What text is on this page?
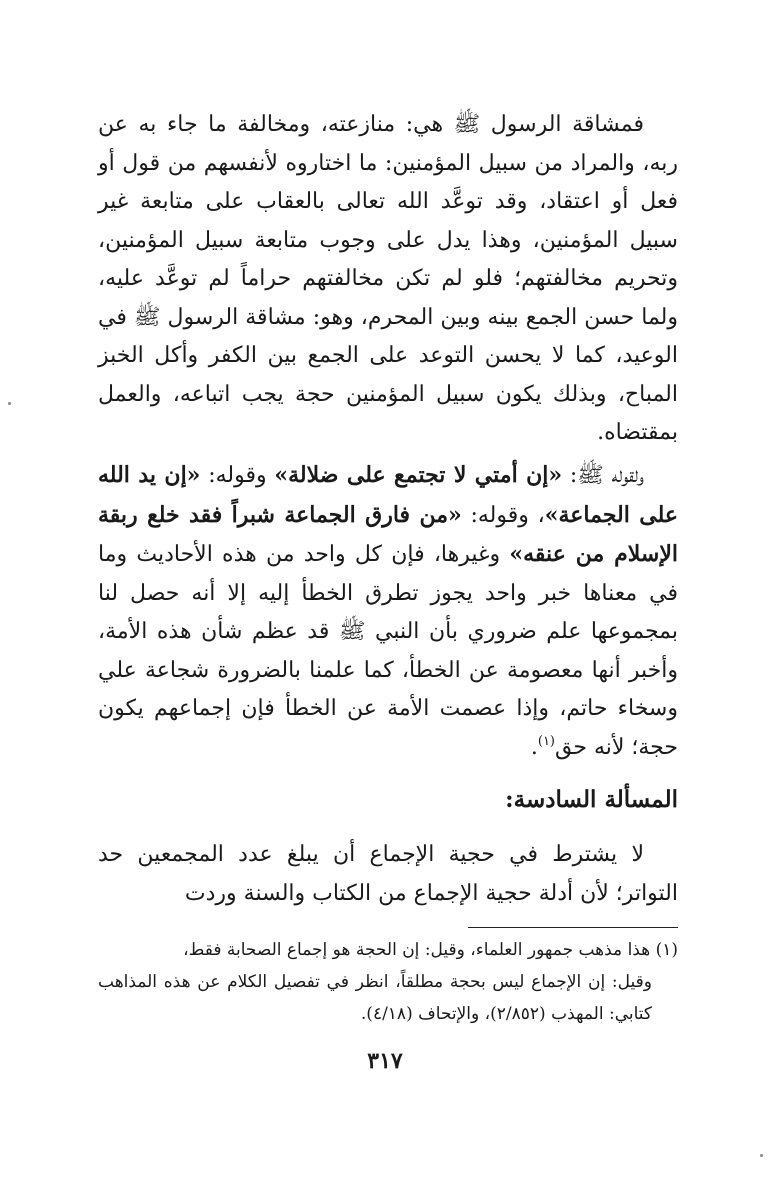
فمشاقة الرسول ﷺ هي: منازعته، ومخالفة ما جاء به عن ربه، والمراد من سبيل المؤمنين: ما اختاروه لأنفسهم من قول أو فعل أو اعتقاد، وقد توعَّد الله تعالى بالعقاب على متابعة غير سبيل المؤمنين، وهذا يدل على وجوب متابعة سبيل المؤمنين، وتحريم مخالفتهم؛ فلو لم تكن مخالفتهم حراماً لم توعَّد عليه، ولما حسن الجمع بينه وبين المحرم، وهو: مشاقة الرسول ﷺ في الوعيد، كما لا يحسن التوعد على الجمع بين الكفر وأكل الخبز المباح، وبذلك يكون سبيل المؤمنين حجة يجب اتباعه، والعمل بمقتضاه.

ولقوله ﷺ: «إن أمتي لا تجتمع على ضلالة» وقوله: «إن يد الله على الجماعة»، وقوله: «من فارق الجماعة شبراً فقد خلع ربقة الإسلام من عنقه» وغيرها، فإن كل واحد من هذه الأحاديث وما في معناها خبر واحد يجوز تطرق الخطأ إليه إلا أنه حصل لنا بمجموعها علم ضروري بأن النبي ﷺ قد عظم شأن هذه الأمة، وأخبر أنها معصومة عن الخطأ، كما علمنا بالضرورة شجاعة علي وسخاء حاتم، وإذا عصمت الأمة عن الخطأ فإن إجماعهم يكون حجة؛ لأنه حق$^{(١)}$.

المسألة السادسة:

لا يشترط في حجية الإجماع أن يبلغ عدد المجمعين حد التواتر؛ لأن أدلة حجية الإجماع من الكتاب والسنة وردت

(١) هذا مذهب جمهور العلماء، وقيل: إن الحجة هو إجماع الصحابة فقط،

وقيل: إن الإجماع ليس بحجة مطلقاً، انظر في تفصيل الكلام عن هذه المذاهب كتابي: المهذب (٢/٨٥٢)، والإتحاف (٤/١٨).

٣١٧
